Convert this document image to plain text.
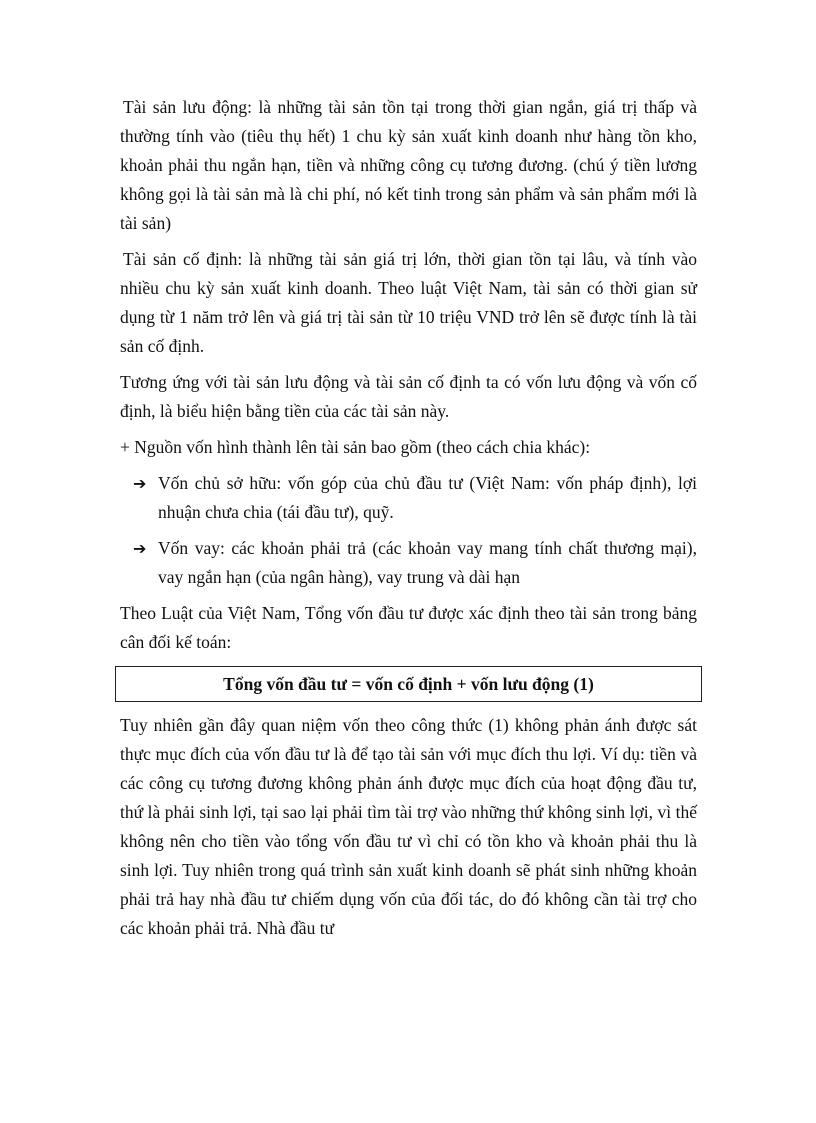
Tài sản lưu động: là những tài sản tồn tại trong thời gian ngắn, giá trị thấp và thường tính vào (tiêu thụ hết) 1 chu kỳ sản xuất kinh doanh như hàng tồn kho, khoản phải thu ngắn hạn, tiền và những công cụ tương đương. (chú ý tiền lương không gọi là tài sản mà là chi phí, nó kết tinh trong sản phẩm và sản phẩm mới là tài sản)

Tài sản cố định: là những tài sản giá trị lớn, thời gian tồn tại lâu, và tính vào nhiều chu kỳ sản xuất kinh doanh. Theo luật Việt Nam, tài sản có thời gian sử dụng từ 1 năm trở lên và giá trị tài sản từ 10 triệu VND trở lên sẽ được tính là tài sản cố định.

Tương ứng với tài sản lưu động và tài sản cố định ta có vốn lưu động và vốn cố định, là biểu hiện bằng tiền của các tài sản này.

+ Nguồn vốn hình thành lên tài sản bao gồm (theo cách chia khác):

➔ Vốn chủ sở hữu: vốn góp của chủ đầu tư (Việt Nam: vốn pháp định), lợi nhuận chưa chia (tái đầu tư), quỹ.

➔ Vốn vay: các khoản phải trả (các khoản vay mang tính chất thương mại), vay ngắn hạn (của ngân hàng), vay trung và dài hạn

Theo Luật của Việt Nam, Tổng vốn đầu tư được xác định theo tài sản trong bảng cân đối kế toán:

Tổng vốn đầu tư = vốn cố định + vốn lưu động (1)

Tuy nhiên gần đây quan niệm vốn theo công thức (1) không phản ánh được sát thực mục đích của vốn đầu tư là để tạo tài sản với mục đích thu lợi. Ví dụ: tiền và các công cụ tương đương không phản ánh được mục đích của hoạt động đầu tư, thứ là phải sinh lợi, tại sao lại phải tìm tài trợ vào những thứ không sinh lợi, vì thế không nên cho tiền vào tổng vốn đầu tư vì chỉ có tồn kho và khoản phải thu là sinh lợi. Tuy nhiên trong quá trình sản xuất kinh doanh sẽ phát sinh những khoản phải trả hay nhà đầu tư chiếm dụng vốn của đối tác, do đó không cần tài trợ cho các khoản phải trả. Nhà đầu tư
